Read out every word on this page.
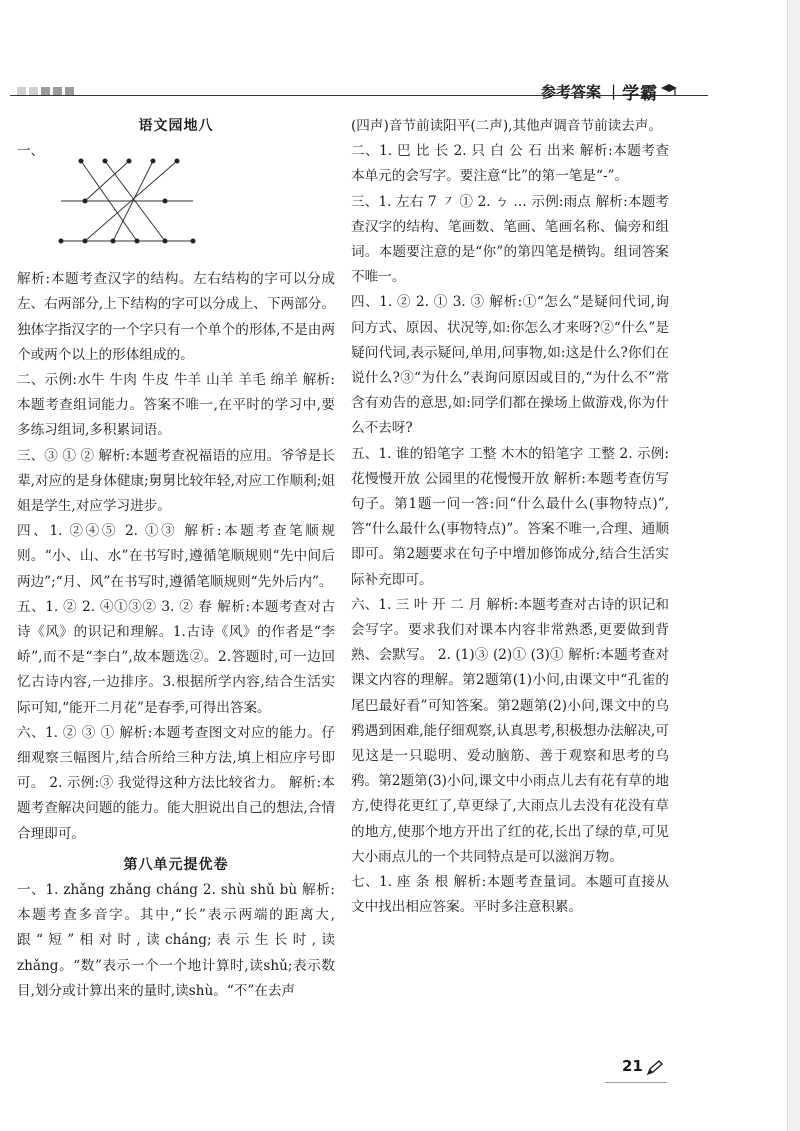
参考答案 | 学霸

语文园地八

一、

解析:本题考查汉字的结构。左右结构的字可以分成左、右两部分,上下结构的字可以分成上、下两部分。独体字指汉字的一个字只有一个单个的形体,不是由两个或两个以上的形体组成的。

二、示例:水牛 牛肉 牛皮 牛羊 山羊 羊毛 绵羊 解析:本题考查组词能力。答案不唯一,在平时的学习中,要多练习组词,多积累词语。

三、③ ① ② 解析:本题考查祝福语的应用。爷爷是长辈,对应的是身体健康;舅舅比较年轻,对应工作顺利;姐姐是学生,对应学习进步。

四、1. ②④⑤ 2. ①③ 解析:本题考查笔顺规则。“小、山、水”在书写时,遵循笔顺规则“先中间后两边”;“月、风”在书写时,遵循笔顺规则“先外后内”。

五、1. ② 2. ④①③② 3. ② 春 解析:本题考查对古诗《风》的识记和理解。1.古诗《风》的作者是“李峤”,而不是“李白”,故本题选②。2.答题时,可一边回忆古诗内容,一边排序。3.根据所学内容,结合生活实际可知,“能开二月花”是春季,可得出答案。

六、1. ② ③ ① 解析:本题考查图文对应的能力。仔细观察三幅图片,结合所给三种方法,填上相应序号即可。 2. 示例:③ 我觉得这种方法比较省力。 解析:本题考查解决问题的能力。能大胆说出自己的想法,合情合理即可。

第八单元提优卷

一、1. zhǎng zhǎng cháng 2. shù shǔ bù 解析:本题考查多音字。其中,“长”表示两端的距离大,跟“短”相对时,读cháng;表示生长时,读zhǎng。“数”表示一个一个地计算时,读shǔ;表示数目,划分或计算出来的量时,读shù。“不”在去声

(四声)音节前读阳平(二声),其他声调音节前读去声。

二、1. 巴 比 长 2. 只 白 公 石 出来 解析:本题考查本单元的会写字。要注意“比”的第一笔是“-”。

三、1. 左右 7 ㇇ ① 2. ㄅ … 示例:雨点 解析:本题考查汉字的结构、笔画数、笔画、笔画名称、偏旁和组词。本题要注意的是“你”的第四笔是横钩。组词答案不唯一。

四、1. ② 2. ① 3. ③ 解析:①“怎么”是疑问代词,询问方式、原因、状况等,如:你怎么才来呀?②“什么”是疑问代词,表示疑问,单用,问事物,如:这是什么?你们在说什么?③“为什么”表询问原因或目的,“为什么不”常含有劝告的意思,如:同学们都在操场上做游戏,你为什么不去呀?

五、1. 谁的铅笔字 工整 木木的铅笔字 工整 2. 示例:花慢慢开放 公园里的花慢慢开放 解析:本题考查仿写句子。第1题一问一答:问“什么最什么(事物特点)”,答“什么最什么(事物特点)”。答案不唯一,合理、通顺即可。第2题要求在句子中增加修饰成分,结合生活实际补充即可。

六、1. 三 叶 开 二 月 解析:本题考查对古诗的识记和会写字。要求我们对课本内容非常熟悉,更要做到背熟、会默写。 2. (1)③ (2)① (3)① 解析:本题考查对课文内容的理解。第2题第(1)小问,由课文中“孔雀的尾巴最好看”可知答案。第2题第(2)小问,课文中的乌鸦遇到困难,能仔细观察,认真思考,积极想办法解决,可见这是一只聪明、爱动脑筋、善于观察和思考的乌鸦。第2题第(3)小问,课文中小雨点儿去有花有草的地方,使得花更红了,草更绿了,大雨点儿去没有花没有草的地方,使那个地方开出了红的花,长出了绿的草,可见大小雨点儿的一个共同特点是可以滋润万物。

七、1. 座 条 根 解析:本题考查量词。本题可直接从文中找出相应答案。平时多注意积累。

21
